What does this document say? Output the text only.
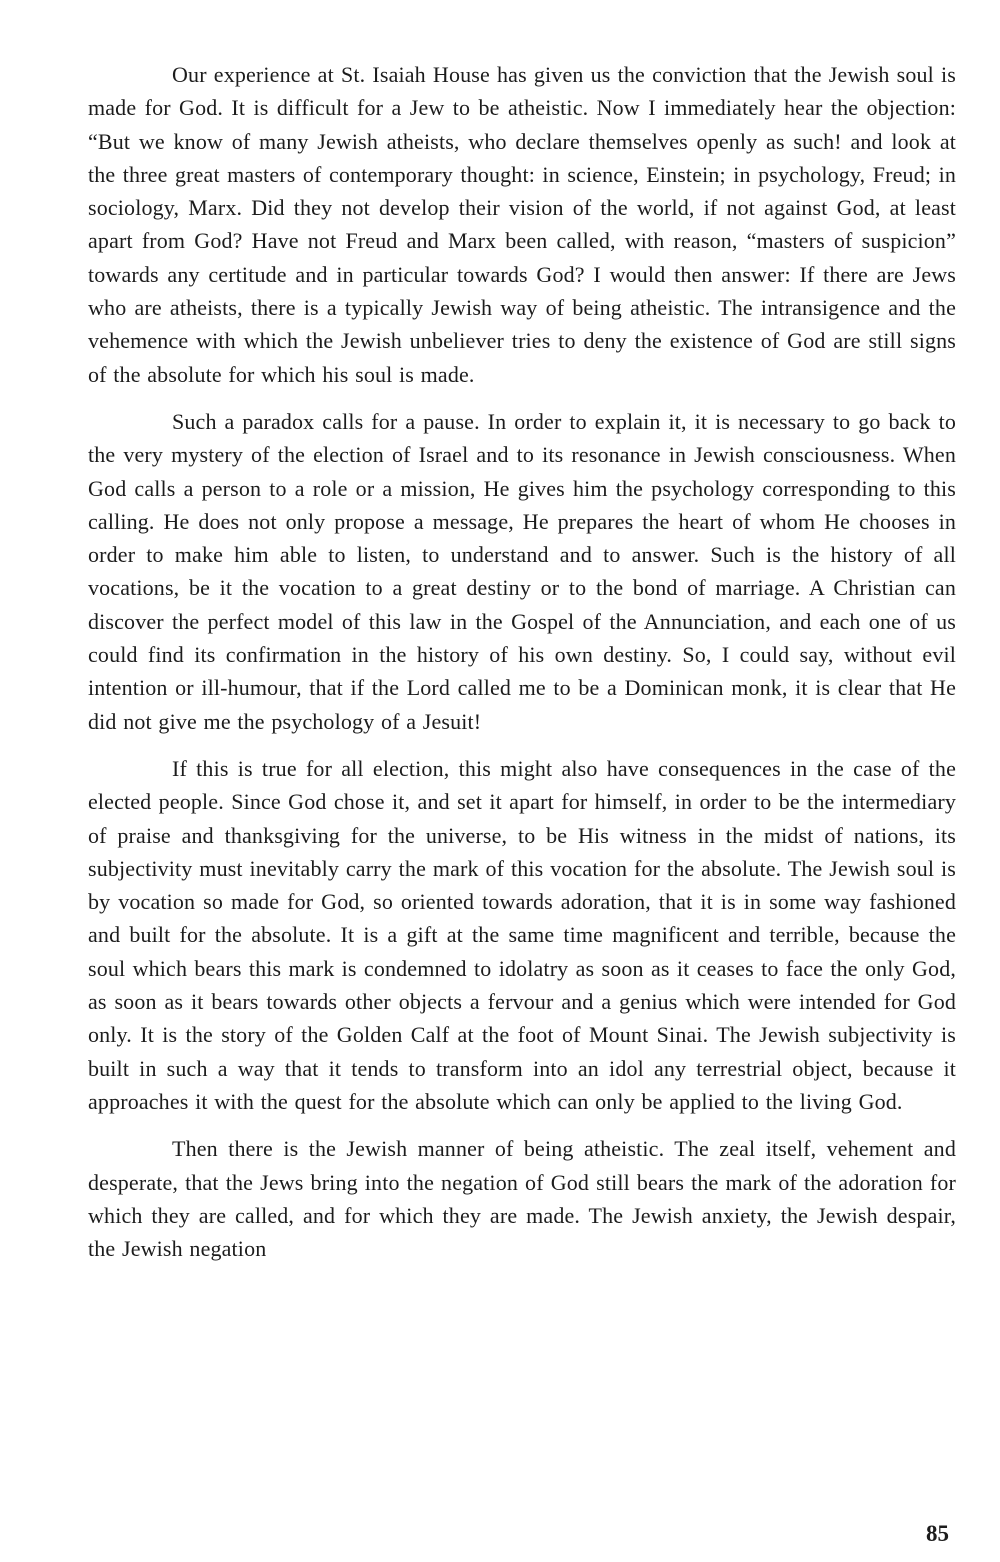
Our experience at St. Isaiah House has given us the conviction that the Jewish soul is made for God. It is difficult for a Jew to be atheistic. Now I immediately hear the objection: “But we know of many Jewish atheists, who declare themselves openly as such! and look at the three great masters of contemporary thought: in science, Einstein; in psychology, Freud; in sociology, Marx. Did they not develop their vision of the world, if not against God, at least apart from God? Have not Freud and Marx been called, with reason, “masters of suspicion” towards any certitude and in particular towards God? I would then answer: If there are Jews who are atheists, there is a typically Jewish way of being atheistic. The intransigence and the vehemence with which the Jewish unbeliever tries to deny the existence of God are still signs of the absolute for which his soul is made.

Such a paradox calls for a pause. In order to explain it, it is necessary to go back to the very mystery of the election of Israel and to its resonance in Jewish consciousness. When God calls a person to a role or a mission, He gives him the psychology corresponding to this calling. He does not only propose a message, He prepares the heart of whom He chooses in order to make him able to listen, to understand and to answer. Such is the history of all vocations, be it the vocation to a great destiny or to the bond of marriage. A Christian can discover the perfect model of this law in the Gospel of the Annunciation, and each one of us could find its confirmation in the history of his own destiny. So, I could say, without evil intention or ill-humour, that if the Lord called me to be a Dominican monk, it is clear that He did not give me the psychology of a Jesuit!

If this is true for all election, this might also have consequences in the case of the elected people. Since God chose it, and set it apart for himself, in order to be the intermediary of praise and thanksgiving for the universe, to be His witness in the midst of nations, its subjectivity must inevitably carry the mark of this vocation for the absolute. The Jewish soul is by vocation so made for God, so oriented towards adoration, that it is in some way fashioned and built for the absolute. It is a gift at the same time magnificent and terrible, because the soul which bears this mark is condemned to idolatry as soon as it ceases to face the only God, as soon as it bears towards other objects a fervour and a genius which were intended for God only. It is the story of the Golden Calf at the foot of Mount Sinai. The Jewish subjectivity is built in such a way that it tends to transform into an idol any terrestrial object, because it approaches it with the quest for the absolute which can only be applied to the living God.

Then there is the Jewish manner of being atheistic. The zeal itself, vehement and desperate, that the Jews bring into the negation of God still bears the mark of the adoration for which they are called, and for which they are made. The Jewish anxiety, the Jewish despair, the Jewish negation

85
